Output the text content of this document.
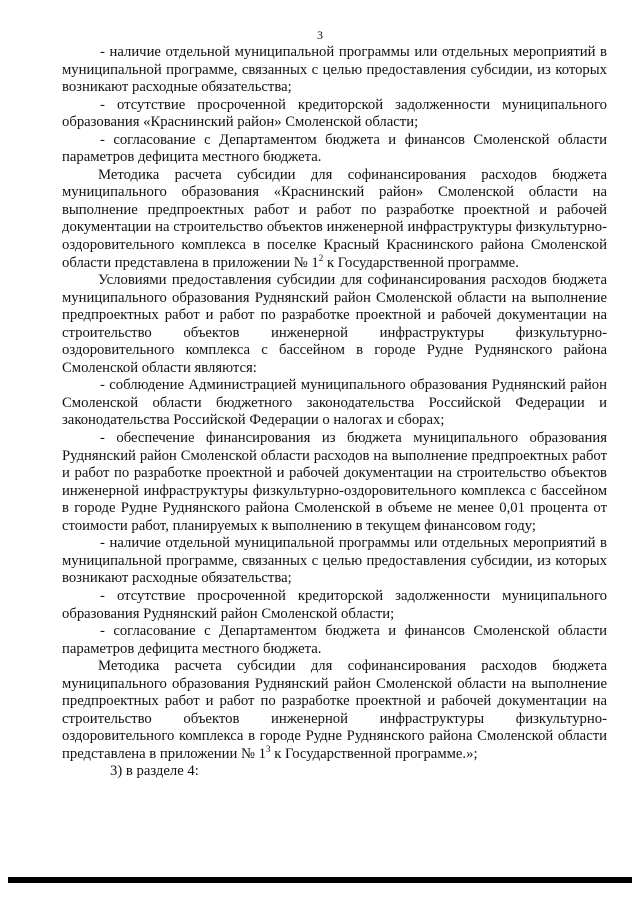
3

- наличие отдельной муниципальной программы или отдельных мероприятий в муниципальной программе, связанных с целью предоставления субсидии, из которых возникают расходные обязательства;

- отсутствие просроченной кредиторской задолженности муниципального образования «Краснинский район» Смоленской области;

- согласование с Департаментом бюджета и финансов Смоленской области параметров дефицита местного бюджета.

Методика расчета субсидии для софинансирования расходов бюджета муниципального образования «Краснинский район» Смоленской области на выполнение предпроектных работ и работ по разработке проектной и рабочей документации на строительство объектов инженерной инфраструктуры физкультурно-оздоровительного комплекса в поселке Красный Краснинского района Смоленской области представлена в приложении № $1^2$ к Государственной программе.

Условиями предоставления субсидии для софинансирования расходов бюджета муниципального образования Руднянский район Смоленской области на выполнение предпроектных работ и работ по разработке проектной и рабочей документации на строительство объектов инженерной инфраструктуры физкультурно-оздоровительного комплекса с бассейном в городе Рудне Руднянского района Смоленской области являются:

- соблюдение Администрацией муниципального образования Руднянский район Смоленской области бюджетного законодательства Российской Федерации и законодательства Российской Федерации о налогах и сборах;

- обеспечение финансирования из бюджета муниципального образования Руднянский район Смоленской области расходов на выполнение предпроектных работ и работ по разработке проектной и рабочей документации на строительство объектов инженерной инфраструктуры физкультурно-оздоровительного комплекса с бассейном в городе Рудне Руднянского района Смоленской в объеме не менее 0,01 процента от стоимости работ, планируемых к выполнению в текущем финансовом году;

- наличие отдельной муниципальной программы или отдельных мероприятий в муниципальной программе, связанных с целью предоставления субсидии, из которых возникают расходные обязательства;

- отсутствие просроченной кредиторской задолженности муниципального образования Руднянский район Смоленской области;

- согласование с Департаментом бюджета и финансов Смоленской области параметров дефицита местного бюджета.

Методика расчета субсидии для софинансирования расходов бюджета муниципального образования Руднянский район Смоленской области на выполнение предпроектных работ и работ по разработке проектной и рабочей документации на строительство объектов инженерной инфраструктуры физкультурно-оздоровительного комплекса в городе Рудне Руднянского района Смоленской области представлена в приложении № $1^3$ к Государственной программе.»;

3) в разделе 4:
